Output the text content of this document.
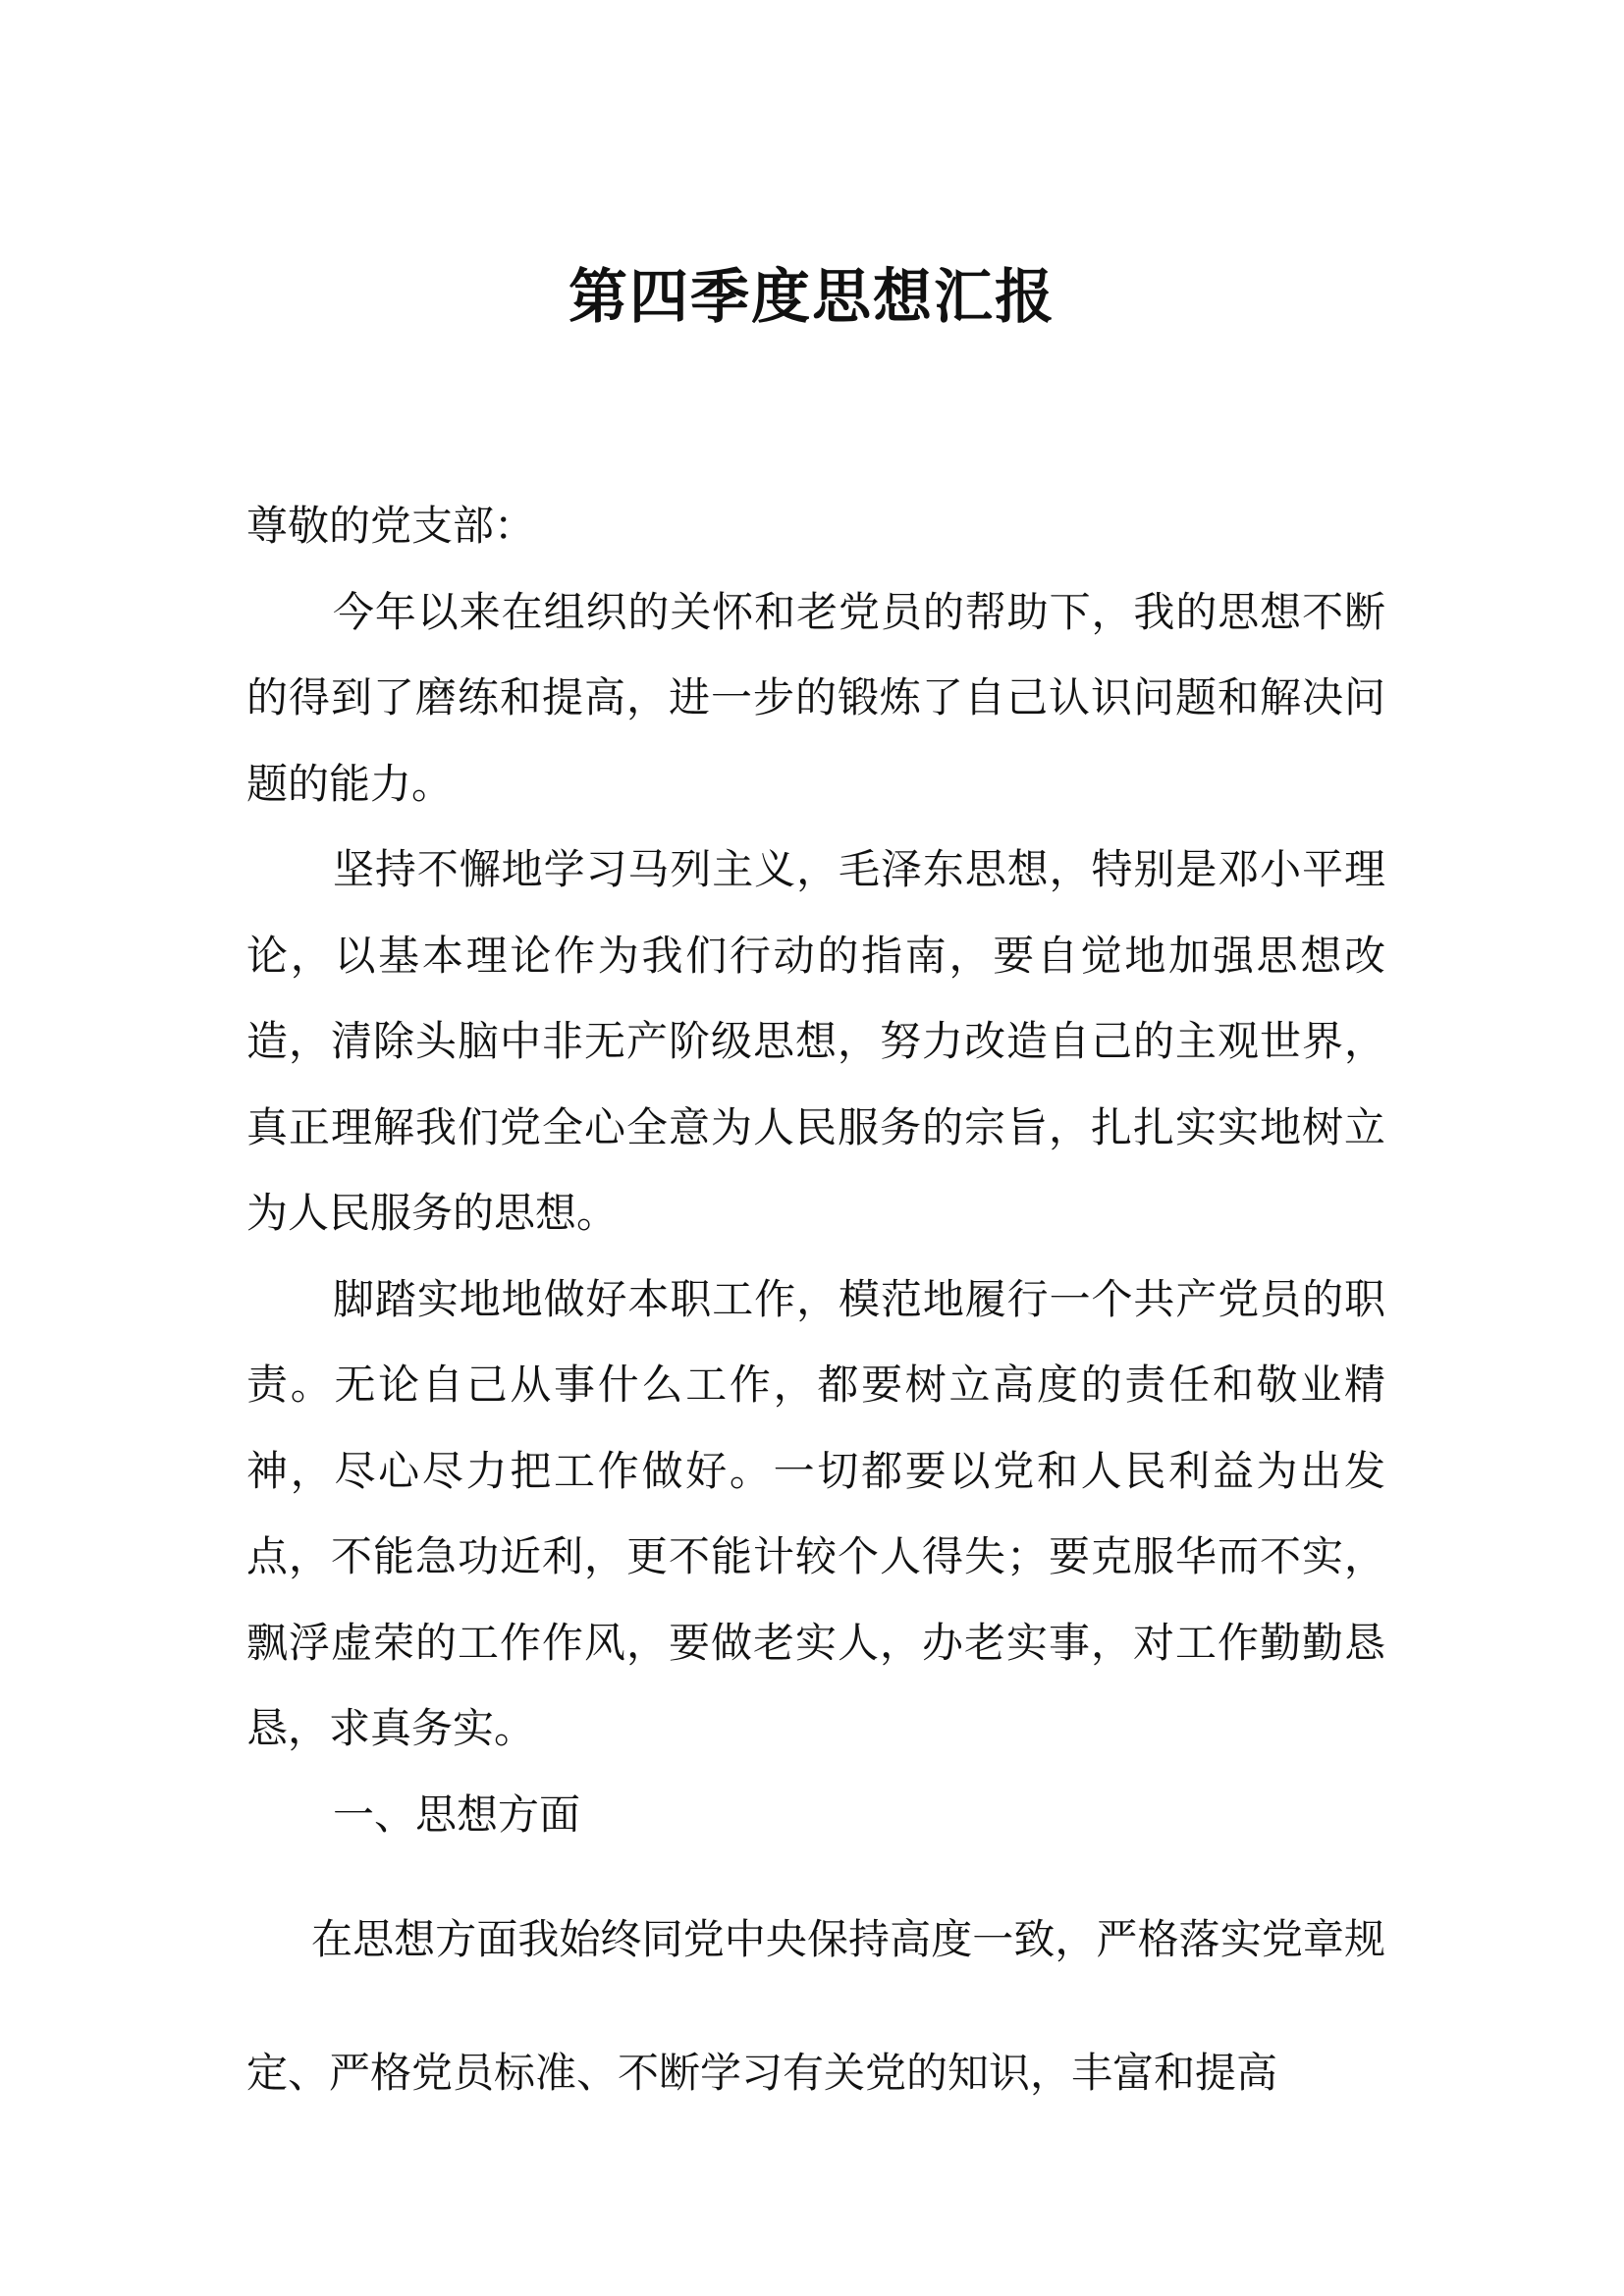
第四季度思想汇报

尊敬的党支部：

今年以来在组织的关怀和老党员的帮助下，我的思想不断的得到了磨练和提高，进一步的锻炼了自己认识问题和解决问题的能力。

坚持不懈地学习马列主义，毛泽东思想，特别是邓小平理论，以基本理论作为我们行动的指南，要自觉地加强思想改造，清除头脑中非无产阶级思想，努力改造自己的主观世界，真正理解我们党全心全意为人民服务的宗旨，扎扎实实地树立为人民服务的思想。

脚踏实地地做好本职工作，模范地履行一个共产党员的职责。无论自己从事什么工作，都要树立高度的责任和敬业精神，尽心尽力把工作做好。一切都要以党和人民利益为出发点，不能急功近利，更不能计较个人得失；要克服华而不实，飘浮虚荣的工作作风，要做老实人，办老实事，对工作勤勤恳恳，求真务实。

一、思想方面

在思想方面我始终同党中央保持高度一致，严格落实党章规定、严格党员标准、不断学习有关党的知识，丰富和提高
